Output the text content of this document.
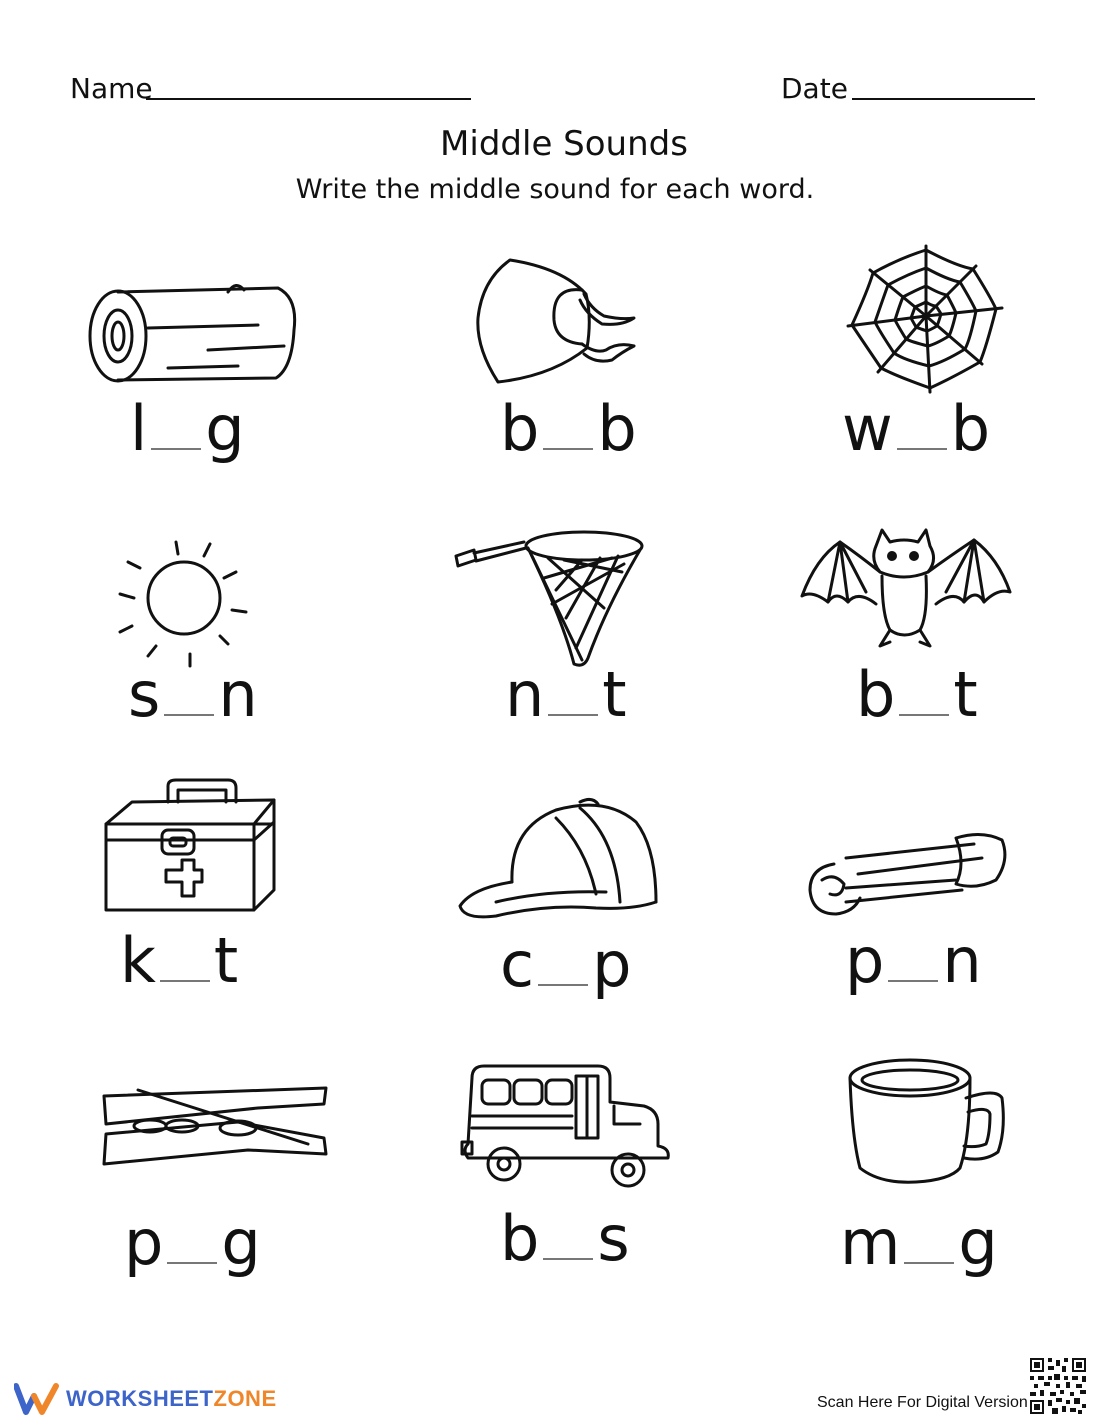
Name	Date
Middle Sounds
Write the middle sound for each word.
l g	b b	w b
s n	n t	b t
k t	c p	p n
p g	b s	m g
WORKSHEETZONE	Scan Here For Digital Version
